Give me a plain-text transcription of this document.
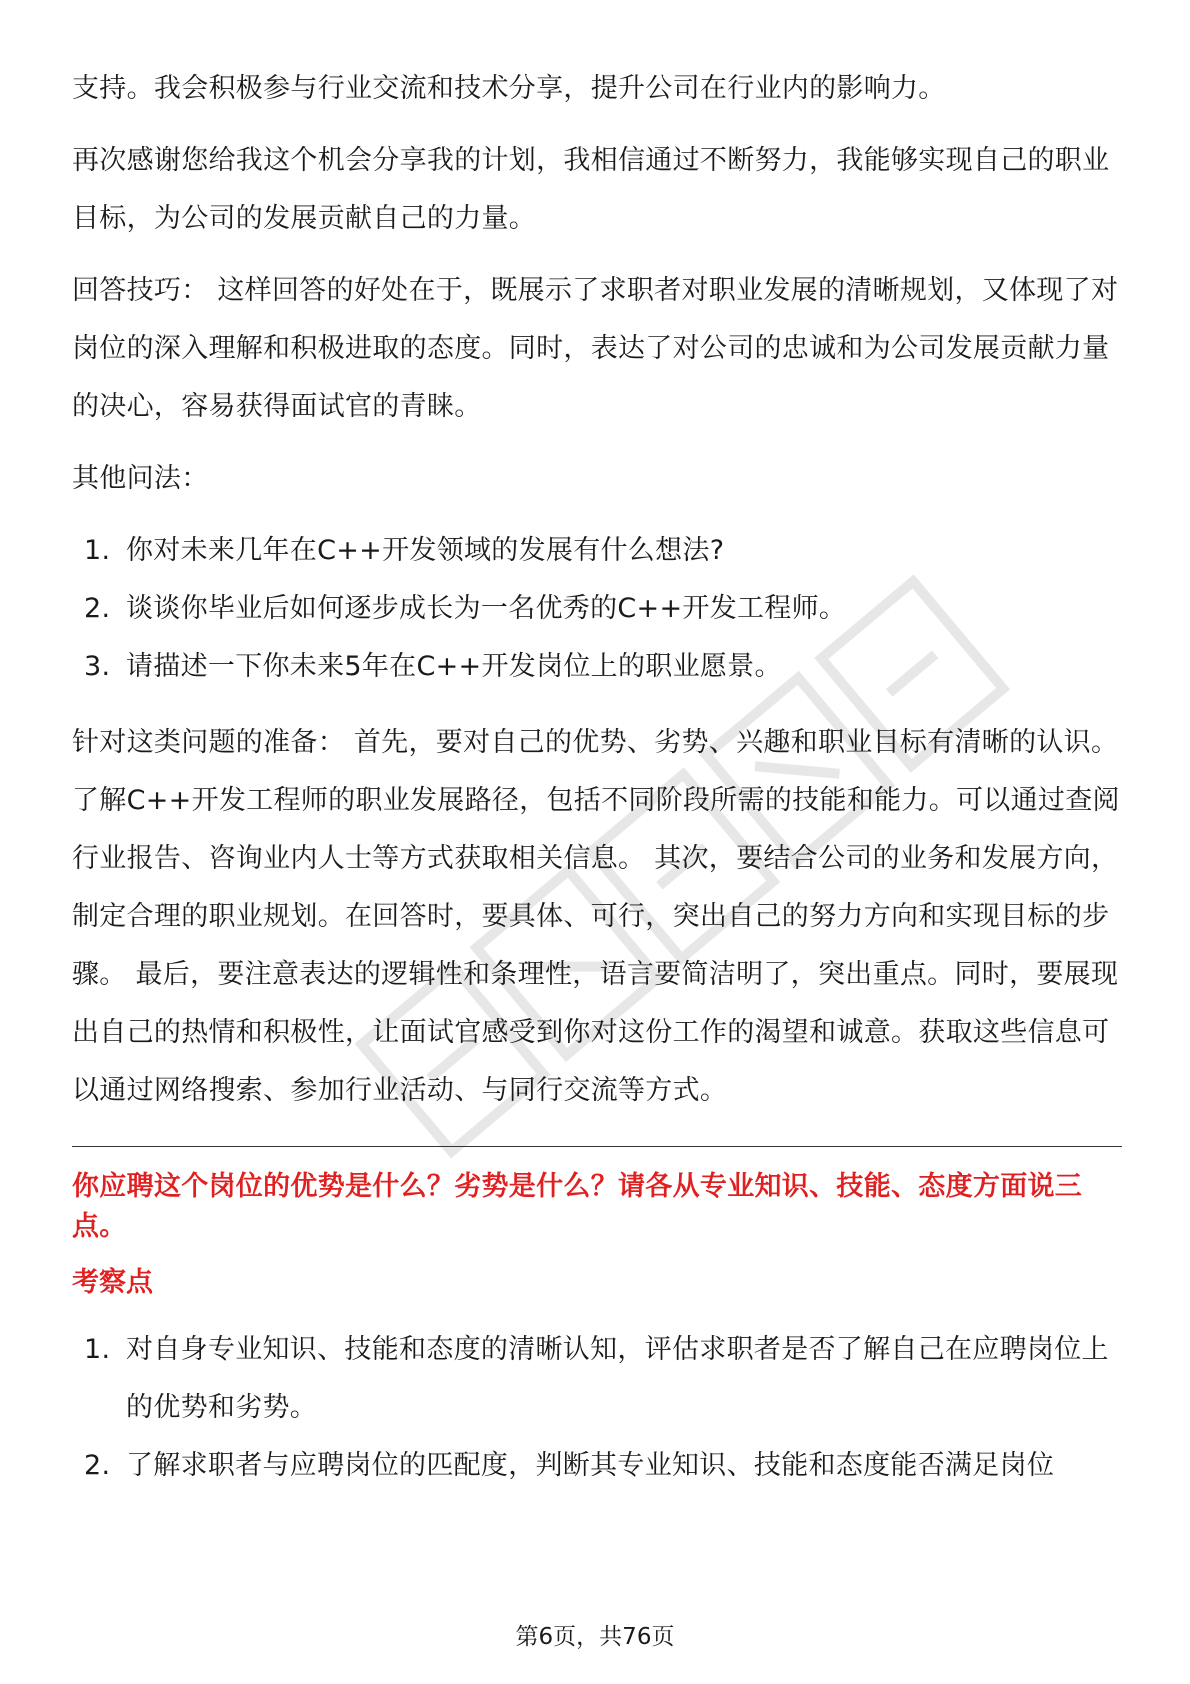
支持。我会积极参与行业交流和技术分享，提升公司在行业内的影响力。

再次感谢您给我这个机会分享我的计划，我相信通过不断努力，我能够实现自己的职业目标，为公司的发展贡献自己的力量。

回答技巧： 这样回答的好处在于，既展示了求职者对职业发展的清晰规划，又体现了对岗位的深入理解和积极进取的态度。同时，表达了对公司的忠诚和为公司发展贡献力量的决心，容易获得面试官的青睐。

其他问法：

1. 你对未来几年在C++开发领域的发展有什么想法?
2. 谈谈你毕业后如何逐步成长为一名优秀的C++开发工程师。
3. 请描述一下你未来5年在C++开发岗位上的职业愿景。

针对这类问题的准备： 首先，要对自己的优势、劣势、兴趣和职业目标有清晰的认识。了解C++开发工程师的职业发展路径，包括不同阶段所需的技能和能力。可以通过查阅行业报告、咨询业内人士等方式获取相关信息。 其次，要结合公司的业务和发展方向，制定合理的职业规划。在回答时，要具体、可行，突出自己的努力方向和实现目标的步骤。 最后，要注意表达的逻辑性和条理性，语言要简洁明了，突出重点。同时，要展现出自己的热情和积极性，让面试官感受到你对这份工作的渴望和诚意。获取这些信息可以通过网络搜索、参加行业活动、与同行交流等方式。

你应聘这个岗位的优势是什么？劣势是什么？请各从专业知识、技能、态度方面说三点。
考察点
1. 对自身专业知识、技能和态度的清晰认知，评估求职者是否了解自己在应聘岗位上的优势和劣势。
2. 了解求职者与应聘岗位的匹配度，判断其专业知识、技能和态度能否满足岗位
第6页，共76页
